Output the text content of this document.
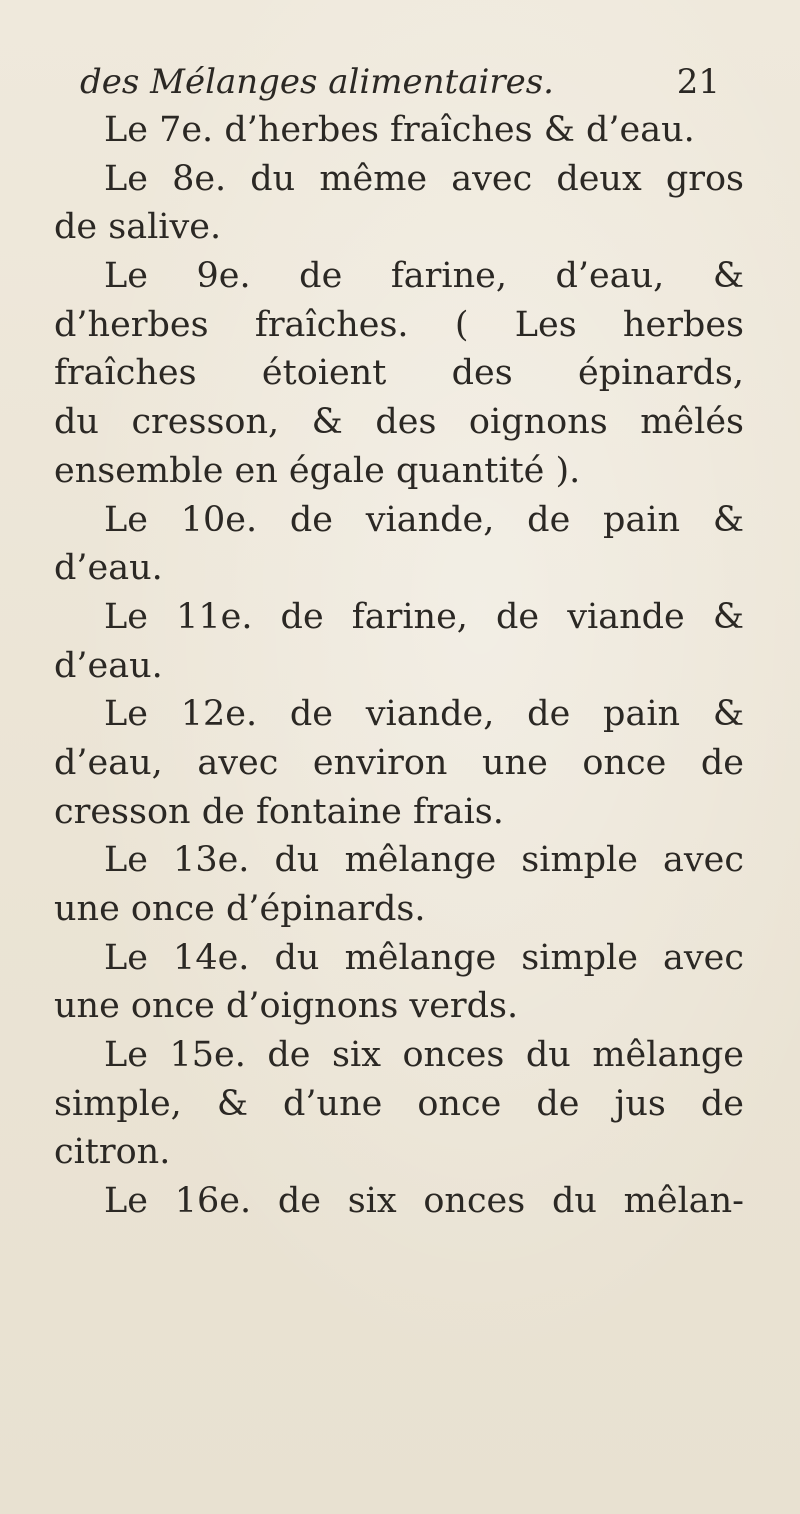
des Mélanges alimentaires.	21
Le 7e. d’herbes fraîches & d’eau.
Le 8e. du même avec deux gros
de salive.
Le 9e. de farine, d’eau, &
d’herbes fraîches. ( Les herbes
fraîches étoient des épinards,
du cresson, & des oignons mêlés
ensemble en égale quantité ).
Le 10e. de viande, de pain &
d’eau.
Le 11e. de farine, de viande &
d’eau.
Le 12e. de viande, de pain &
d’eau, avec environ une once de
cresson de fontaine frais.
Le 13e. du mêlange simple avec
une once d’épinards.
Le 14e. du mêlange simple avec
une once d’oignons verds.
Le 15e. de six onces du mêlange
simple, & d’une once de jus de
citron.
Le 16e. de six onces du mêlan-
